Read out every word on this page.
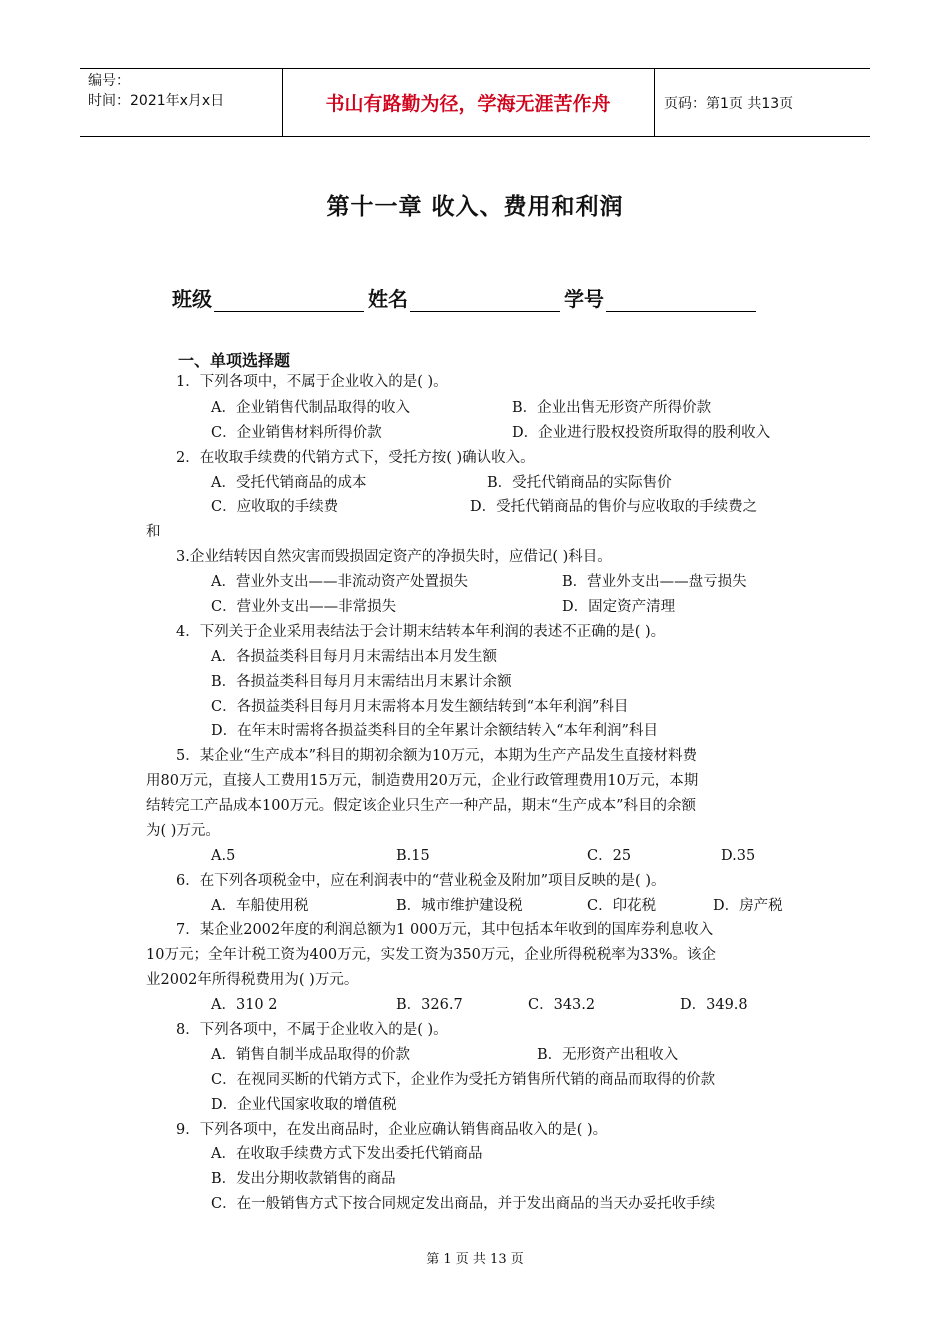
编号：
时间：2021年x月x日	书山有路勤为径，学海无涯苦作舟	页码：第1页 共13页
第十一章 收入、费用和利润
班级	姓名	学号
一、单项选择题
1．下列各项中，不属于企业收入的是( )。
A．企业销售代制品取得的收入	B．企业出售无形资产所得价款
C．企业销售材料所得价款	D．企业进行股权投资所取得的股利收入
2．在收取手续费的代销方式下，受托方按( )确认收入。
A．受托代销商品的成本	B．受托代销商品的实际售价
C．应收取的手续费	D．受托代销商品的售价与应收取的手续费之
和
3.企业结转因自然灾害而毁损固定资产的净损失时，应借记( )科目。
A．营业外支出——非流动资产处置损失	B．营业外支出——盘亏损失
C．营业外支出——非常损失	D．固定资产清理
4．下列关于企业采用表结法于会计期末结转本年利润的表述不正确的是( )。
A．各损益类科目每月月末需结出本月发生额
B．各损益类科目每月月末需结出月末累计余额
C．各损益类科目每月月末需将本月发生额结转到“本年利润”科目
D．在年末时需将各损益类科目的全年累计余额结转入“本年利润”科目
5．某企业“生产成本”科目的期初余额为10万元，本期为生产产品发生直接材料费
用80万元，直接人工费用15万元，制造费用20万元，企业行政管理费用10万元，本期
结转完工产品成本100万元。假定该企业只生产一种产品，期末“生产成本”科目的余额
为( )万元。
A.5	B.15	C．25	D.35
6．在下列各项税金中，应在利润表中的“营业税金及附加”项目反映的是( )。
A．车船使用税	B．城市维护建设税	C．印花税	D．房产税
7．某企业2002年度的利润总额为1 000万元，其中包括本年收到的国库券利息收入
10万元；全年计税工资为400万元，实发工资为350万元，企业所得税税率为33%。该企
业2002年所得税费用为( )万元。
A．310 2	B．326.7	C．343.2	D．349.8
8．下列各项中，不属于企业收入的是( )。
A．销售自制半成品取得的价款	B．无形资产出租收入
C．在视同买断的代销方式下，企业作为受托方销售所代销的商品而取得的价款
D．企业代国家收取的增值税
9．下列各项中，在发出商品时，企业应确认销售商品收入的是( )。
A．在收取手续费方式下发出委托代销商品
B．发出分期收款销售的商品
C．在一般销售方式下按合同规定发出商品，并于发出商品的当天办妥托收手续
第 1 页 共 13 页
